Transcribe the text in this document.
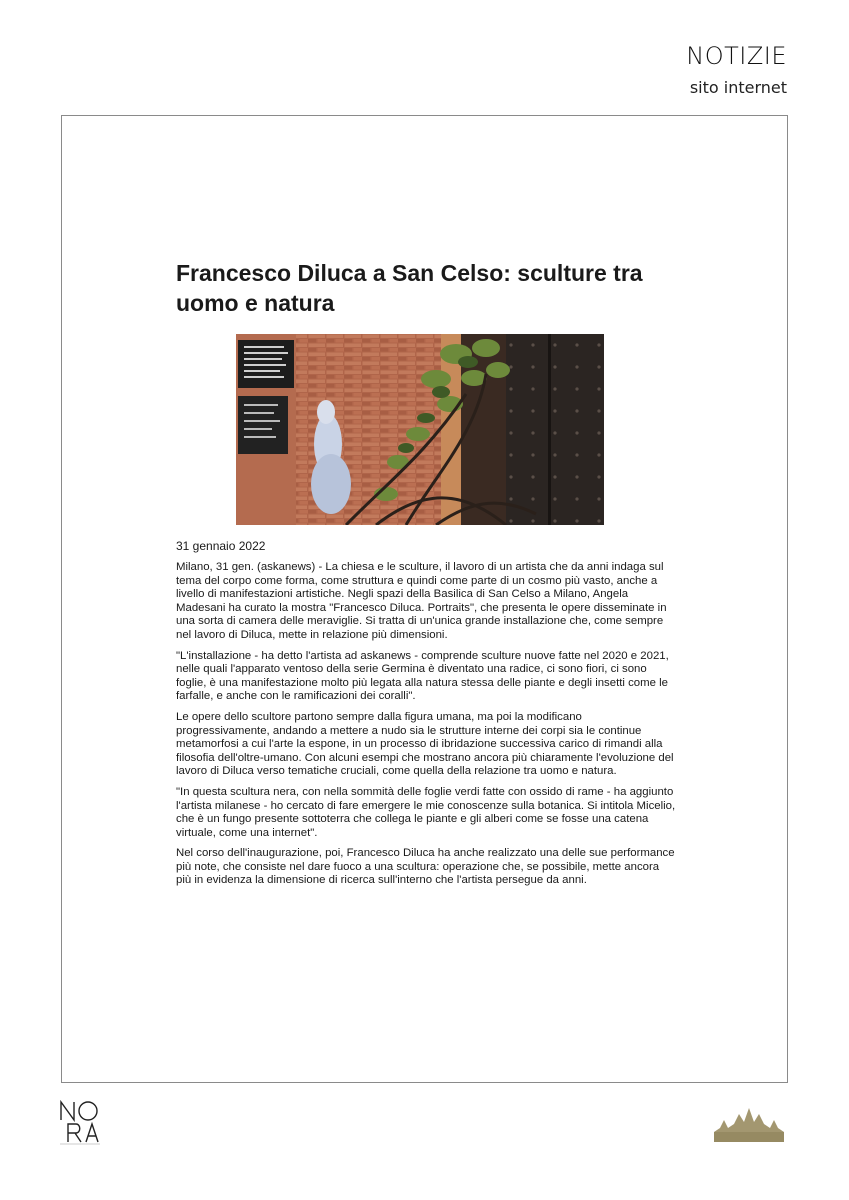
NOTIZIE
sito internet
Francesco Diluca a San Celso: sculture tra uomo e natura
31 gennaio 2022

Milano, 31 gen. (askanews) - La chiesa e le sculture, il lavoro di un artista che da anni indaga sul tema del corpo come forma, come struttura e quindi come parte di un cosmo più vasto, anche a livello di manifestazioni artistiche. Negli spazi della Basilica di San Celso a Milano, Angela Madesani ha curato la mostra "Francesco Diluca. Portraits", che presenta le opere disseminate in una sorta di camera delle meraviglie. Si tratta di un'unica grande installazione che, come sempre nel lavoro di Diluca, mette in relazione più dimensioni.

"L'installazione - ha detto l'artista ad askanews - comprende sculture nuove fatte nel 2020 e 2021, nelle quali l'apparato ventoso della serie Germina è diventato una radice, ci sono fiori, ci sono foglie, è una manifestazione molto più legata alla natura stessa delle piante e degli insetti come le farfalle, e anche con le ramificazioni dei coralli".

Le opere dello scultore partono sempre dalla figura umana, ma poi la modificano progressivamente, andando a mettere a nudo sia le strutture interne dei corpi sia le continue metamorfosi a cui l'arte la espone, in un processo di ibridazione successiva carico di rimandi alla filosofia dell'oltre-umano. Con alcuni esempi che mostrano ancora più chiaramente l'evoluzione del lavoro di Diluca verso tematiche cruciali, come quella della relazione tra uomo e natura.

"In questa scultura nera, con nella sommità delle foglie verdi fatte con ossido di rame - ha aggiunto l'artista milanese - ho cercato di fare emergere le mie conoscenze sulla botanica. Si intitola Micelio, che è un fungo presente sottoterra che collega le piante e gli alberi come se fosse una catena virtuale, come una internet".

Nel corso dell'inaugurazione, poi, Francesco Diluca ha anche realizzato una delle sue performance più note, che consiste nel dare fuoco a una scultura: operazione che, se possibile, mette ancora più in evidenza la dimensione di ricerca sull'interno che l'artista persegue da anni.
